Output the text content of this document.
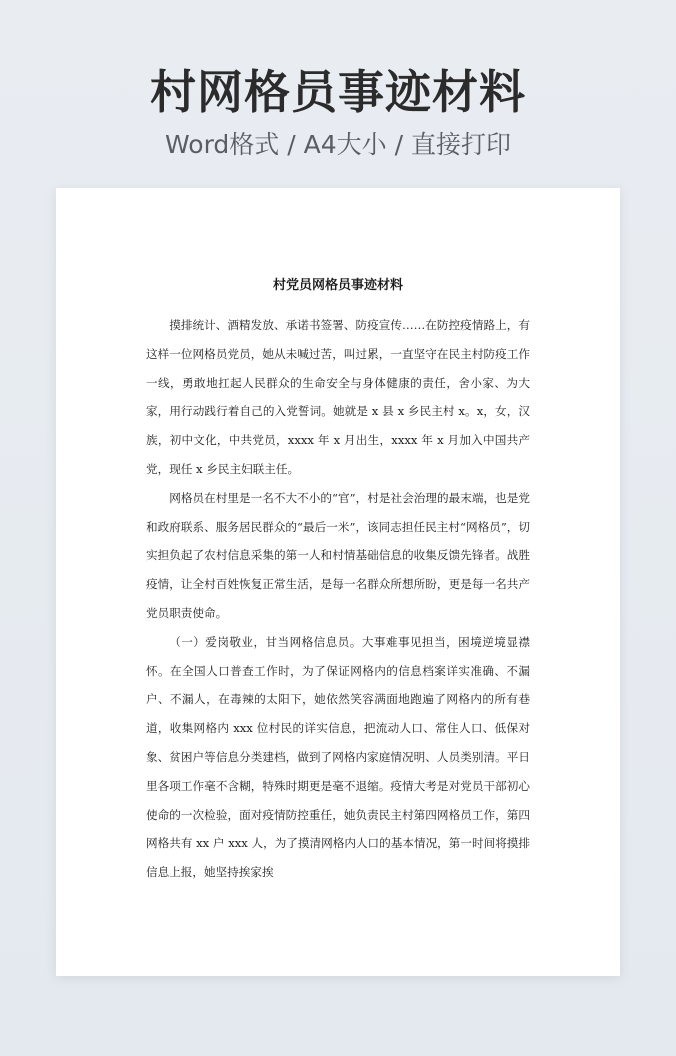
村网格员事迹材料
Word格式 / A4大小 / 直接打印
村党员网格员事迹材料

摸排统计、酒精发放、承诺书签署、防疫宣传……在防控疫情路上，有这样一位网格员党员，她从未喊过苦，叫过累，一直坚守在民主村防疫工作一线，勇敢地扛起人民群众的生命安全与身体健康的责任，舍小家、为大家，用行动践行着自己的入党誓词。她就是 x 县 x 乡民主村 x。x，女，汉族，初中文化，中共党员，xxxx 年 x 月出生，xxxx 年 x 月加入中国共产党，现任 x 乡民主妇联主任。

网格员在村里是一名不大不小的“官”，村是社会治理的最末端，也是党和政府联系、服务居民群众的“最后一米”，该同志担任民主村“网格员”，切实担负起了农村信息采集的第一人和村情基础信息的收集反馈先锋者。战胜疫情，让全村百姓恢复正常生活，是每一名群众所想所盼，更是每一名共产党员职责使命。

（一）爱岗敬业，甘当网格信息员。大事难事见担当，困境逆境显襟怀。在全国人口普查工作时，为了保证网格内的信息档案详实准确、不漏户、不漏人，在毒辣的太阳下，她依然笑容满面地跑遍了网格内的所有巷道，收集网格内 xxx 位村民的详实信息，把流动人口、常住人口、低保对象、贫困户等信息分类建档，做到了网格内家庭情况明、人员类别清。平日里各项工作毫不含糊，特殊时期更是毫不退缩。疫情大考是对党员干部初心使命的一次检验，面对疫情防控重任，她负责民主村第四网格员工作，第四网格共有 xx 户 xxx 人，为了摸清网格内人口的基本情况，第一时间将摸排信息上报，她坚持挨家挨
